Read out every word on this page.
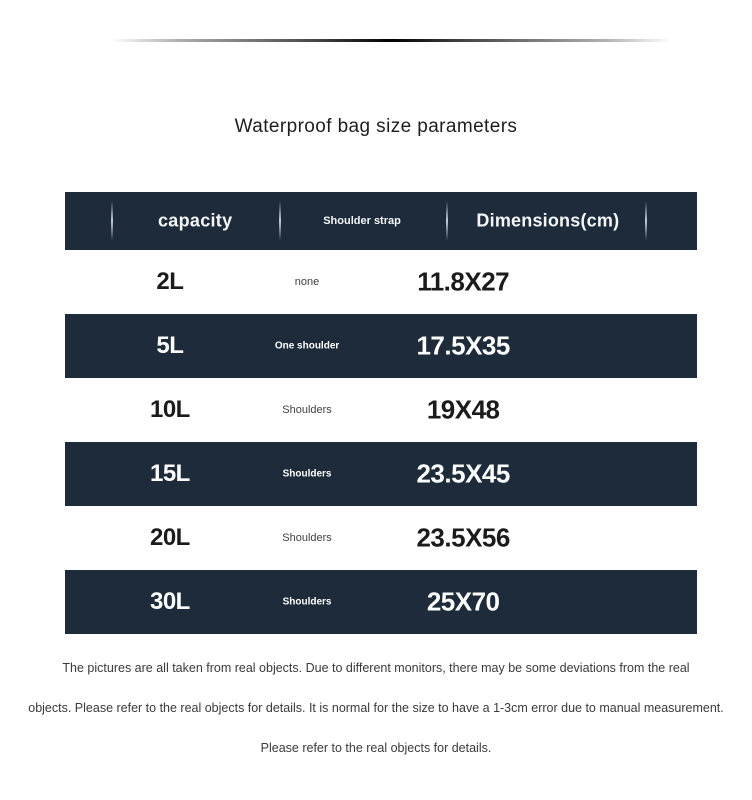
Waterproof bag size parameters
capacity	Shoulder strap	Dimensions(cm)
2L	none	11.8X27
5L	One shoulder	17.5X35
10L	Shoulders	19X48
15L	Shoulders	23.5X45
20L	Shoulders	23.5X56
30L	Shoulders	25X70
The pictures are all taken from real objects. Due to different monitors, there may be some deviations from the real
objects. Please refer to the real objects for details. It is normal for the size to have a 1-3cm error due to manual measurement.
Please refer to the real objects for details.
